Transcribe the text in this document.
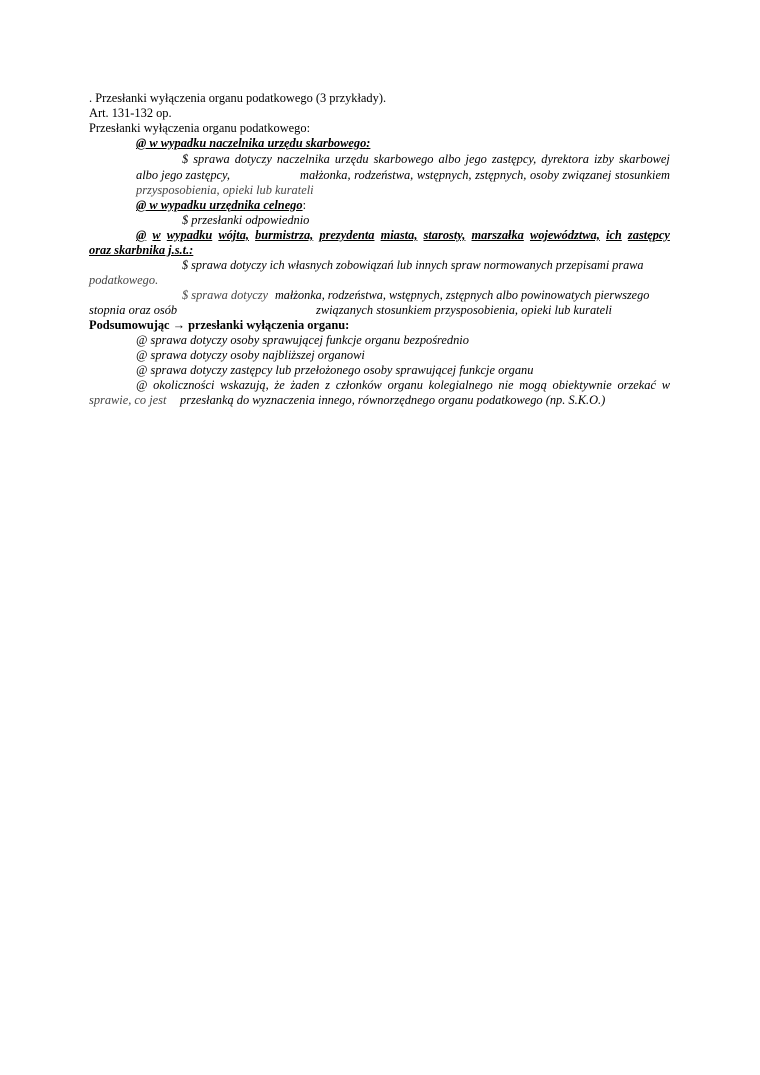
. Przesłanki wyłączenia organu podatkowego (3 przykłady).
Art. 131-132 op.
Przesłanki wyłączenia organu podatkowego:
@ w wypadku naczelnika urzędu skarbowego:
$ sprawa dotyczy naczelnika urzędu skarbowego albo jego zastępcy, dyrektora izby skarbowej
albo jego zastępcy,	małżonka, rodzeństwa, wstępnych, zstępnych, osoby związanej stosunkiem
przysposobienia, opieki lub kurateli
@ w wypadku urzędnika celnego:
$ przesłanki odpowiednio
@ w wypadku wójta, burmistrza, prezydenta miasta, starosty, marszałka województwa, ich zastępcy
oraz skarbnika j.s.t.:
$ sprawa dotyczy ich własnych zobowiązań lub innych spraw normowanych przepisami prawa
podatkowego.
$ sprawa dotyczy małżonka, rodzeństwa, wstępnych, zstępnych albo powinowatych pierwszego
stopnia oraz osób	związanych stosunkiem przysposobienia, opieki lub kurateli
Podsumowując → przesłanki wyłączenia organu:
@ sprawa dotyczy osoby sprawującej funkcje organu bezpośrednio
@ sprawa dotyczy osoby najbliższej organowi
@ sprawa dotyczy zastępcy lub przełożonego osoby sprawującej funkcje organu
@ okoliczności wskazują, że żaden z członków organu kolegialnego nie mogą obiektywnie orzekać w
sprawie, co jest przesłanką do wyznaczenia innego, równorzędnego organu podatkowego (np. S.K.O.)
